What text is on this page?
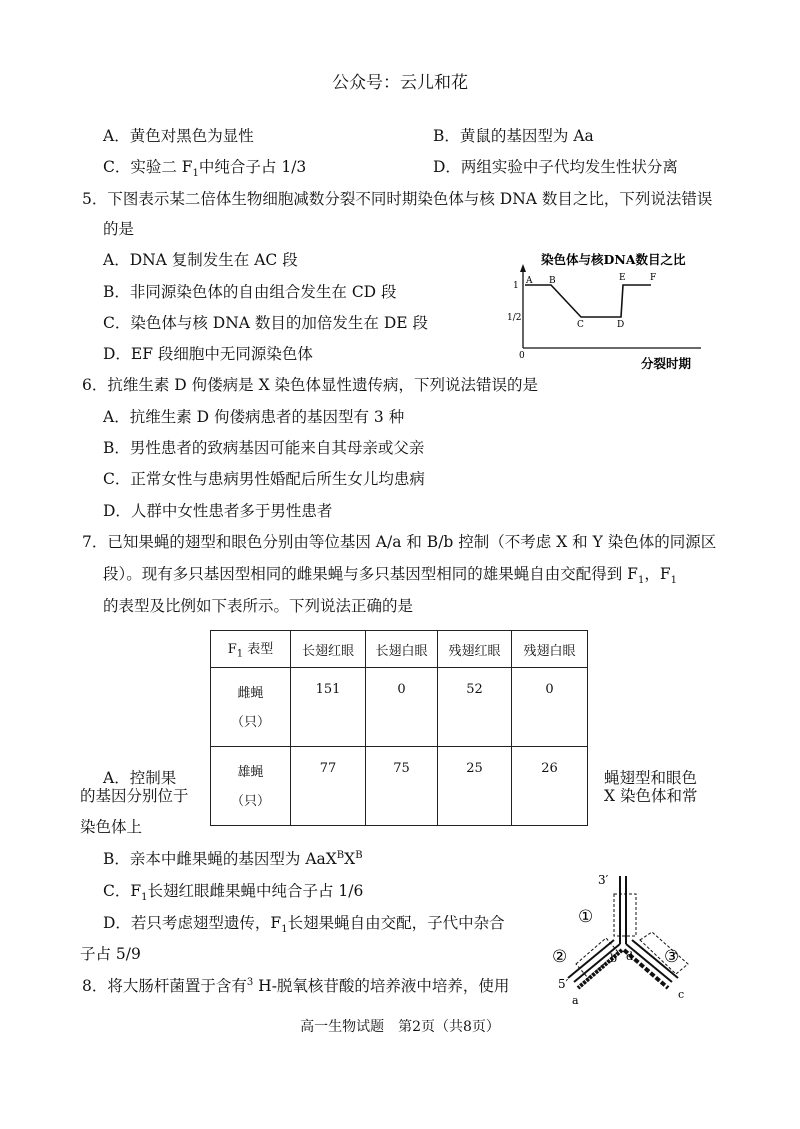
公众号：云儿和花
A．黄色对黑色为显性	B．黄鼠的基因型为 Aa
C．实验二 $F_1$中纯合子占 1/3	D．两组实验中子代均发生性状分离
5．下图表示某二倍体生物细胞减数分裂不同时期染色体与核 DNA 数目之比，下列说法错误
的是
A．DNA 复制发生在 AC 段
B．非同源染色体的自由组合发生在 CD 段
C．染色体与核 DNA 数目的加倍发生在 DE 段
D．EF 段细胞中无同源染色体
染色体与核DNA数目之比
1
1/2
0
A B
C	D
E	F
分裂时期
6．抗维生素 D 佝偻病是 X 染色体显性遗传病，下列说法错误的是
A．抗维生素 D 佝偻病患者的基因型有 3 种
B．男性患者的致病基因可能来自其母亲或父亲
C．正常女性与患病男性婚配后所生女儿均患病
D．人群中女性患者多于男性患者
7．已知果蝇的翅型和眼色分别由等位基因 A/a 和 B/b 控制（不考虑 X 和 Y 染色体的同源区
段）。现有多只基因型相同的雌果蝇与多只基因型相同的雄果蝇自由交配得到 $F_1$，$F_1$
的表型及比例如下表所示。下列说法正确的是
$F_1$ 表型	长翅红眼	长翅白眼	残翅红眼	残翅白眼
雌蝇
（只）	151	0	52	0
雄蝇
（只）	77	75	25	26
A．控制果	蝇翅型和眼色
的基因分别位于	X 染色体和常
染色体上
B．亲本中雌果蝇的基因型为 $AaX^BX^B$
C．$F_1$长翅红眼雌果蝇中纯合子占 1/6
D．若只考虑翅型遗传，$F_1$长翅果蝇自由交配，子代中杂合
子占 5/9
8．将大肠杆菌置于含有$^3$ H-脱氧核苷酸的培养液中培养，使用
3′
①
②	③
5′
a
b
c
d
高一生物试题　第2页（共8页）
